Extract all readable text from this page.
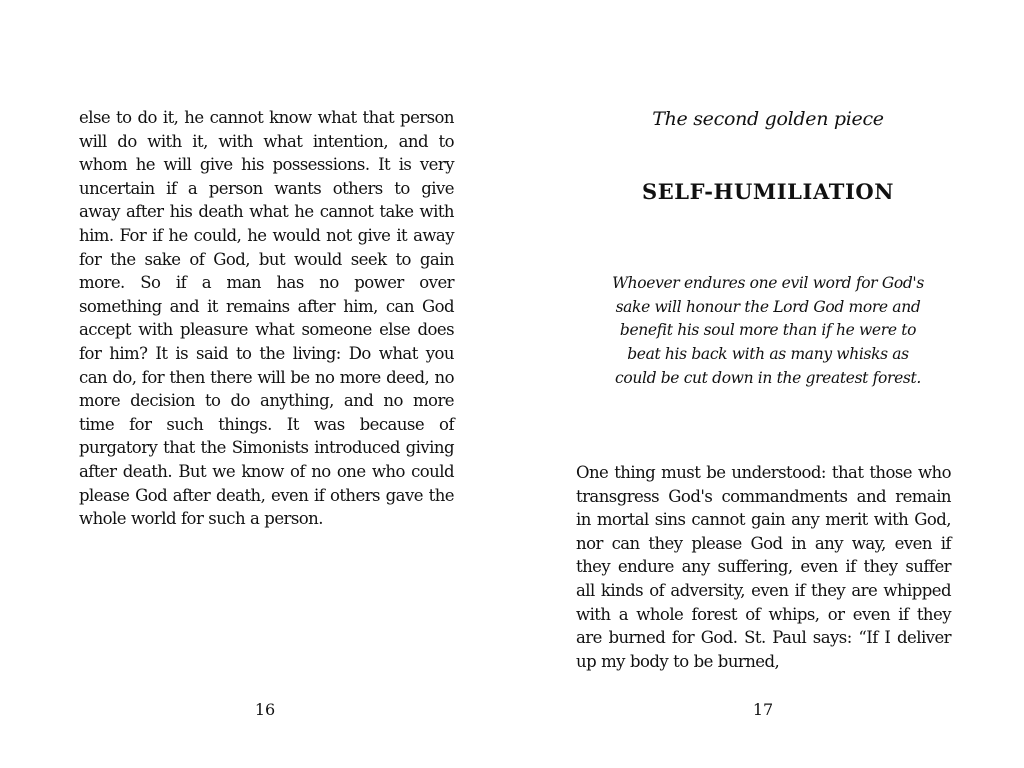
else to do it, he cannot know what that person will do with it, with what intention, and to whom he will give his possessions. It is very uncertain if a person wants others to give away after his death what he cannot take with him. For if he could, he would not give it away for the sake of God, but would seek to gain more. So if a man has no power over something and it remains after him, can God accept with pleasure what someone else does for him? It is said to the living: Do what you can do, for then there will be no more deed, no more decision to do anything, and no more time for such things. It was because of purgatory that the Simonists introduced giving after death. But we know of no one who could please God after death, even if others gave the whole world for such a person.

16
The second golden piece
SELF-HUMILIATION
Whoever endures one evil word for God's sake will honour the Lord God more and benefit his soul more than if he were to beat his back with as many whisks as could be cut down in the greatest forest.

One thing must be understood: that those who transgress God's commandments and remain in mortal sins cannot gain any merit with God, nor can they please God in any way, even if they endure any suffering, even if they suffer all kinds of adversity, even if they are whipped with a whole forest of whips, or even if they are burned for God. St. Paul says: “If I deliver up my body to be burned,

17
